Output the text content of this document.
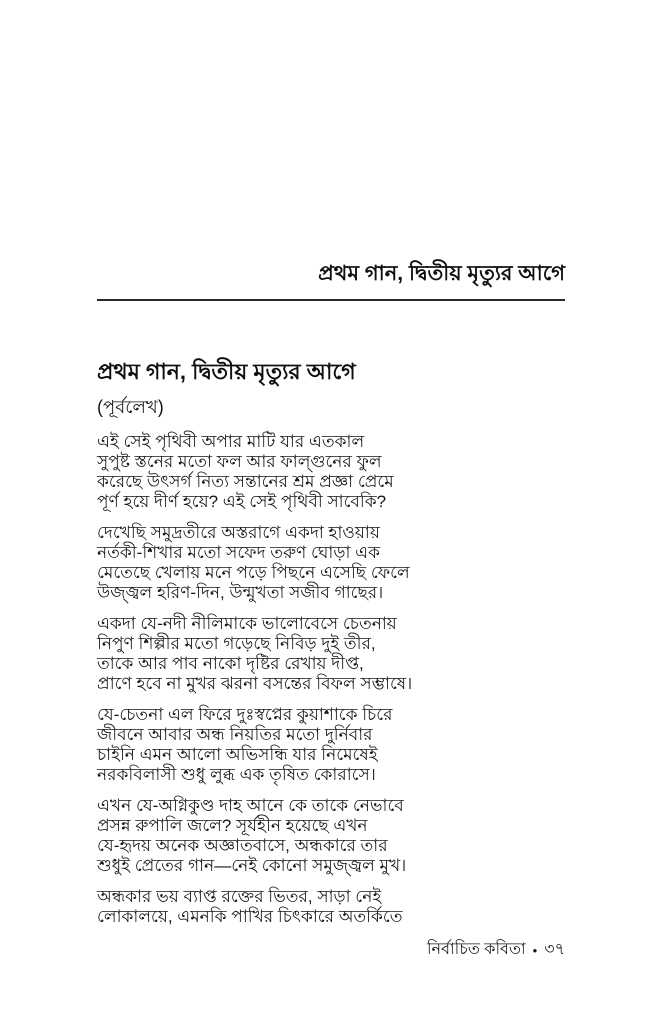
প্রথম গান, দ্বিতীয় মৃত্যুর আগে
প্রথম গান, দ্বিতীয় মৃত্যুর আগে
(পূর্বলেখ)
এই সেই পৃথিবী অপার মাটি যার এতকাল
সুপুষ্ট স্তনের মতো ফল আর ফাল্গুনের ফুল
করেছে উৎসর্গ নিত্য সন্তানের শ্রম প্রজ্ঞা প্রেমে
পূর্ণ হয়ে দীর্ণ হয়ে? এই সেই পৃথিবী সাবেকি?
দেখেছি সমুদ্রতীরে অস্তরাগে একদা হাওয়ায়
নর্তকী-শিখার মতো সফেদ তরুণ ঘোড়া এক
মেতেছে খেলায় মনে পড়ে পিছনে এসেছি ফেলে
উজ্জ্বল হরিণ-দিন, উন্মুখতা সজীব গাছের।
একদা যে-নদী নীলিমাকে ভালোবেসে চেতনায়
নিপুণ শিল্পীর মতো গড়েছে নিবিড় দুই তীর,
তাকে আর পাব নাকো দৃষ্টির রেখায় দীপ্ত,
প্রাণে হবে না মুখর ঝরনা বসন্তের বিফল সম্ভাষে।
যে-চেতনা এল ফিরে দুঃস্বপ্নের কুয়াশাকে চিরে
জীবনে আবার অন্ধ নিয়তির মতো দুর্নিবার
চাইনি এমন আলো অভিসন্ধি যার নিমেষেই
নরকবিলাসী শুধু লুব্ধ এক তৃষিত কোরাসে।
এখন যে-অগ্নিকুণ্ড দাহ আনে কে তাকে নেভাবে
প্রসন্ন রুপালি জলে? সূর্যহীন হয়েছে এখন
যে-হৃদয় অনেক অজ্ঞাতবাসে, অন্ধকারে তার
শুধুই প্রেতের গান—নেই কোনো সমুজ্জ্বল মুখ।
অন্ধকার ভয় ব্যাপ্ত রক্তের ভিতর, সাড়া নেই
লোকালয়ে, এমনকি পাখির চিৎকারে অতর্কিতে
নির্বাচিত কবিতা • ৩৭
